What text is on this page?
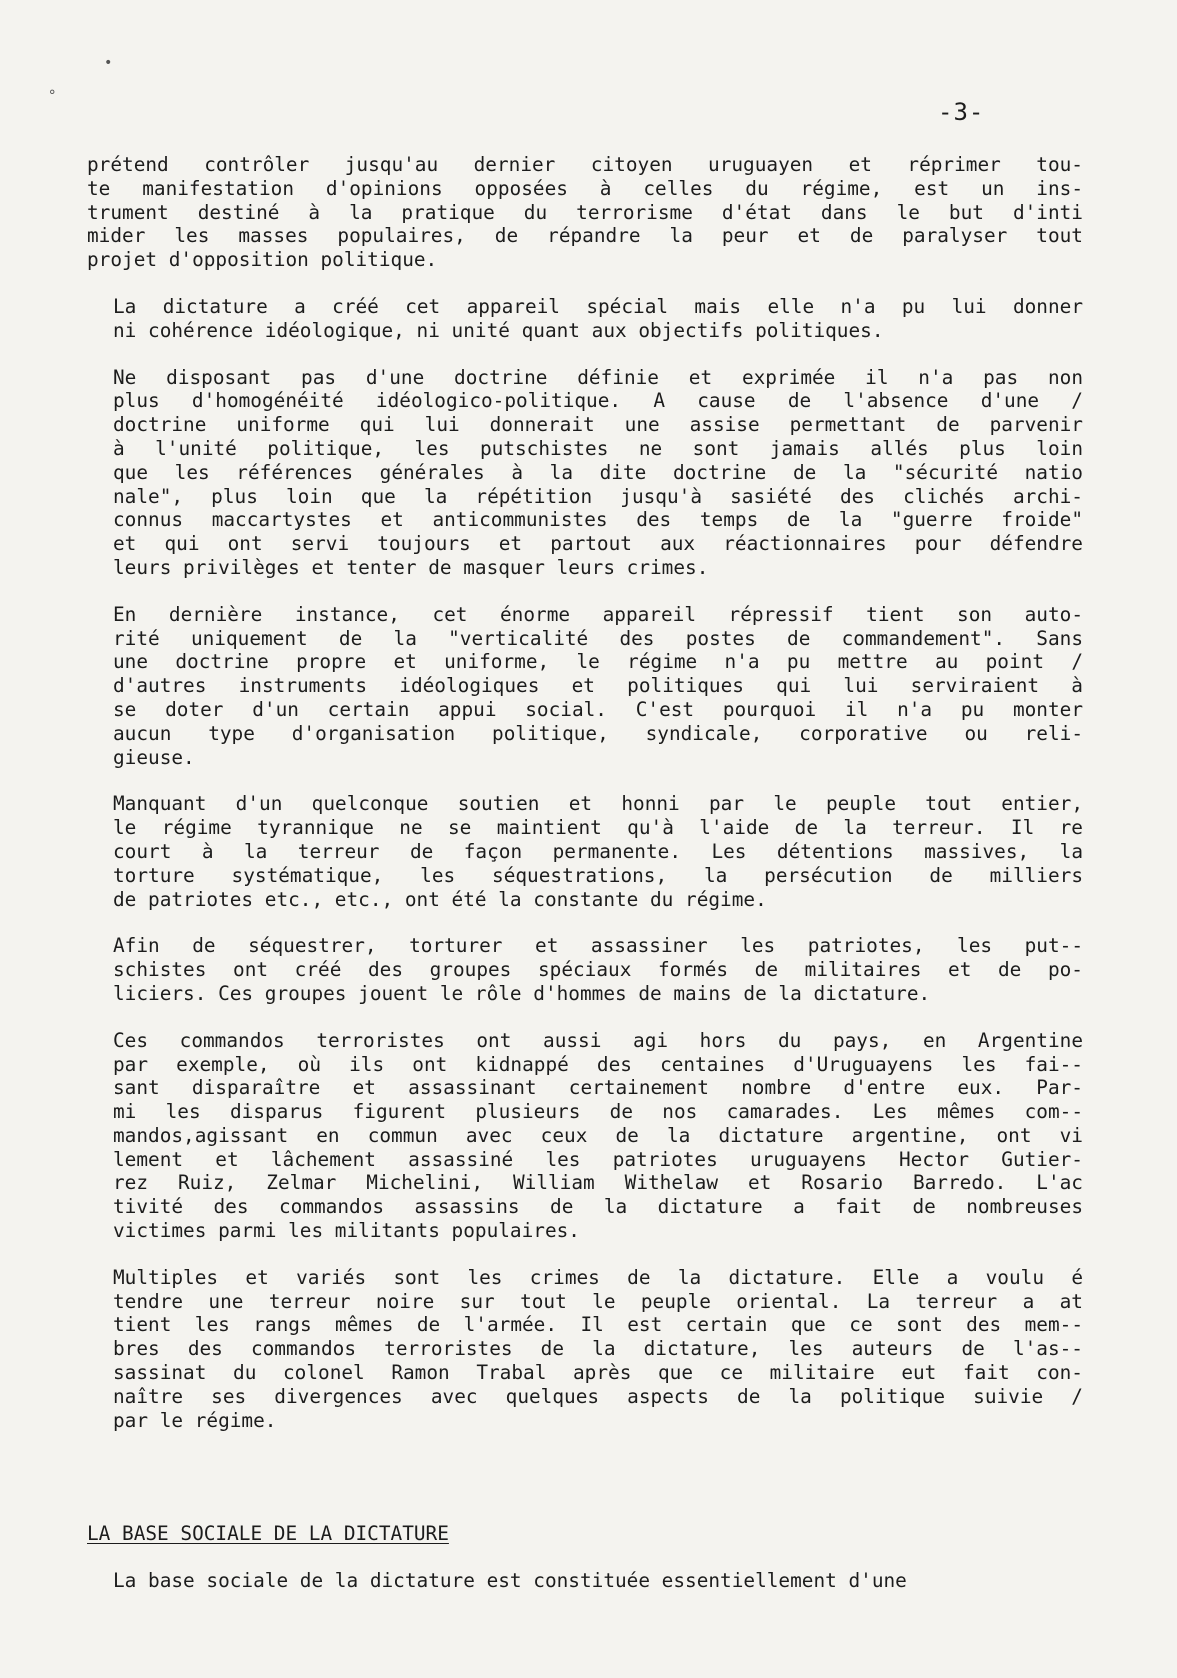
-3-
prétend contrôler jusqu'au dernier citoyen uruguayen et réprimer tou-
te manifestation d'opinions opposées à celles du régime, est un ins-
trument destiné à la pratique du terrorisme d'état dans le but d'inti
mider les masses populaires, de répandre la peur et de paralyser tout
projet d'opposition politique.
La dictature a créé cet appareil spécial mais elle n'a pu lui donner
ni cohérence idéologique, ni unité quant aux objectifs politiques.
Ne disposant pas d'une doctrine définie et exprimée il n'a pas non
plus d'homogénéité idéologico-politique. A cause de l'absence d'une /
doctrine uniforme qui lui donnerait une assise permettant de parvenir
à l'unité politique, les putschistes ne sont jamais allés plus loin
que les références générales à la dite doctrine de la "sécurité natio
nale", plus loin que la répétition jusqu'à sasiété des clichés archi-
connus maccartystes et anticommunistes des temps de la "guerre froide"
et qui ont servi toujours et partout aux réactionnaires pour défendre
leurs privilèges et tenter de masquer leurs crimes.
En dernière instance, cet énorme appareil répressif tient son auto-
rité uniquement de la "verticalité des postes de commandement". Sans
une doctrine propre et uniforme, le régime n'a pu mettre au point /
d'autres instruments idéologiques et politiques qui lui serviraient à
se doter d'un certain appui social. C'est pourquoi il n'a pu monter
aucun type d'organisation politique, syndicale, corporative ou reli-
gieuse.
Manquant d'un quelconque soutien et honni par le peuple tout entier,
le régime tyrannique ne se maintient qu'à l'aide de la terreur. Il re
court à la terreur de façon permanente. Les détentions massives, la
torture systématique, les séquestrations, la persécution de milliers
de patriotes etc., etc., ont été la constante du régime.
Afin de séquestrer, torturer et assassiner les patriotes, les put--
schistes ont créé des groupes spéciaux formés de militaires et de po-
liciers. Ces groupes jouent le rôle d'hommes de mains de la dictature.
Ces commandos terroristes ont aussi agi hors du pays, en Argentine
par exemple, où ils ont kidnappé des centaines d'Uruguayens les fai--
sant disparaître et assassinant certainement nombre d'entre eux. Par-
mi les disparus figurent plusieurs de nos camarades. Les mêmes com--
mandos,agissant en commun avec ceux de la dictature argentine, ont vi
lement et lâchement assassiné les patriotes uruguayens Hector Gutier-
rez Ruiz, Zelmar Michelini, William Withelaw et Rosario Barredo. L'ac
tivité des commandos assassins de la dictature a fait de nombreuses
victimes parmi les militants populaires.
Multiples et variés sont les crimes de la dictature. Elle a voulu é
tendre une terreur noire sur tout le peuple oriental. La terreur a at
tient les rangs mêmes de l'armée. Il est certain que ce sont des mem--
bres des commandos terroristes de la dictature, les auteurs de l'as--
sassinat du colonel Ramon Trabal après que ce militaire eut fait con-
naître ses divergences avec quelques aspects de la politique suivie /
par le régime.
LA BASE SOCIALE DE LA DICTATURE
La base sociale de la dictature est constituée essentiellement d'une
•
°
